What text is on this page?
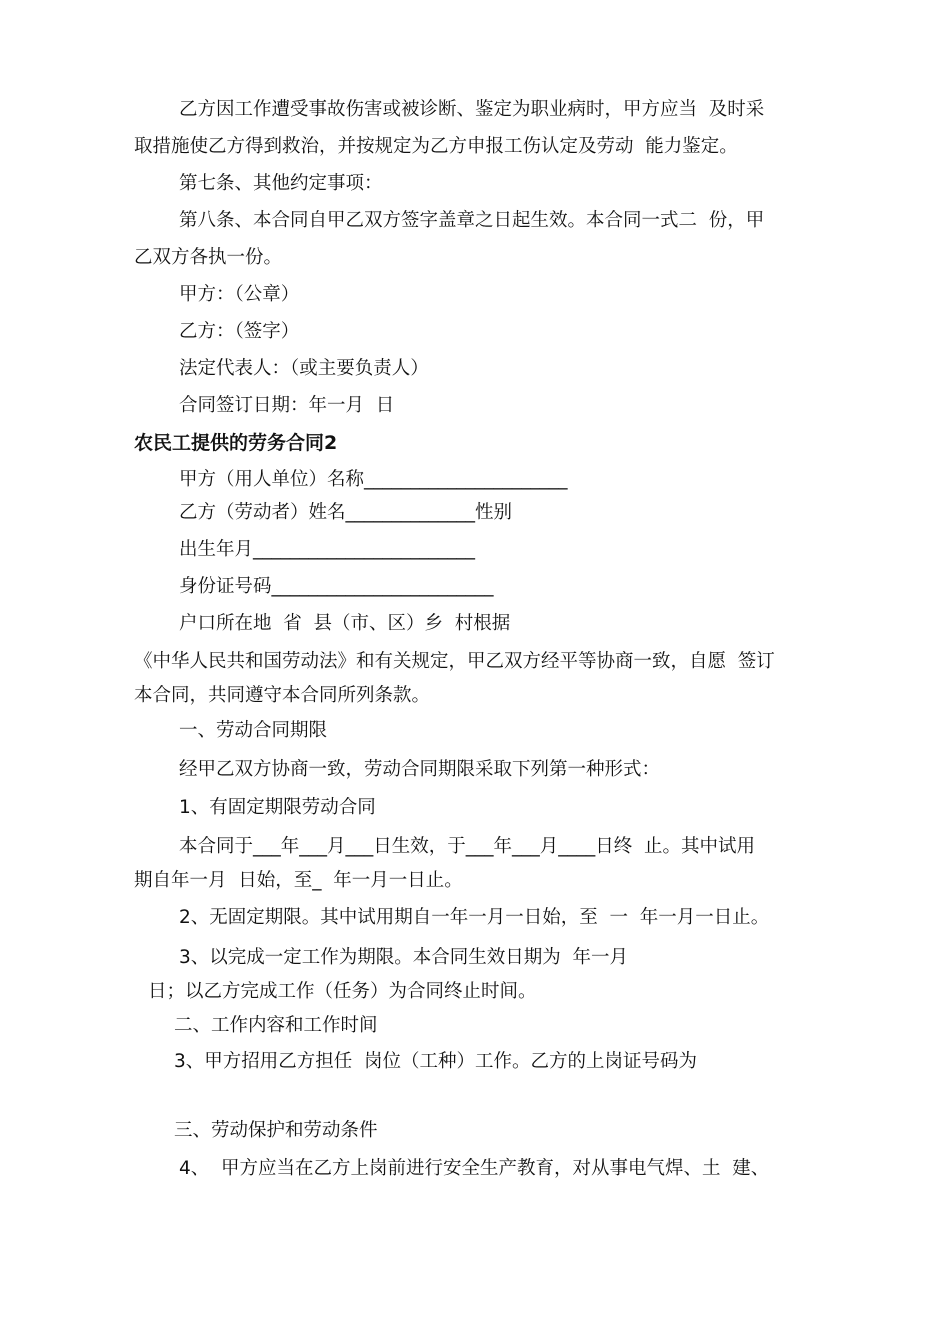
乙方因工作遭受事故伤害或被诊断、鉴定为职业病时，甲方应当  及时采
取措施使乙方得到救治，并按规定为乙方申报工伤认定及劳动  能力鉴定。
第七条、其他约定事项：
第八条、本合同自甲乙双方签字盖章之日起生效。本合同一式二  份，甲
乙双方各执一份。
甲方：（公章）
乙方：（签字）
法定代表人：（或主要负责人）
合同签订日期：年一月  日
农民工提供的劳务合同2
甲方（用人单位）名称______________________
乙方（劳动者）姓名______________性别
出生年月________________________
身份证号码________________________
户口所在地  省  县（市、区）乡  村根据
《中华人民共和国劳动法》和有关规定，甲乙双方经平等协商一致，自愿  签订
本合同，共同遵守本合同所列条款。
一、劳动合同期限
经甲乙双方协商一致，劳动合同期限采取下列第一种形式：
1、有固定期限劳动合同
本合同于___年___月___日生效，于___年___月____日终  止。其中试用
期自年一月  日始，至_  年一月一日止。
2、无固定期限。其中试用期自一年一月一日始，至  一  年一月一日止。
3、以完成一定工作为期限。本合同生效日期为  年一月
日；以乙方完成工作（任务）为合同终止时间。
二、工作内容和工作时间
3、甲方招用乙方担任  岗位（工种）工作。乙方的上岗证号码为
三、劳动保护和劳动条件
4、  甲方应当在乙方上岗前进行安全生产教育，对从事电气焊、土  建、
